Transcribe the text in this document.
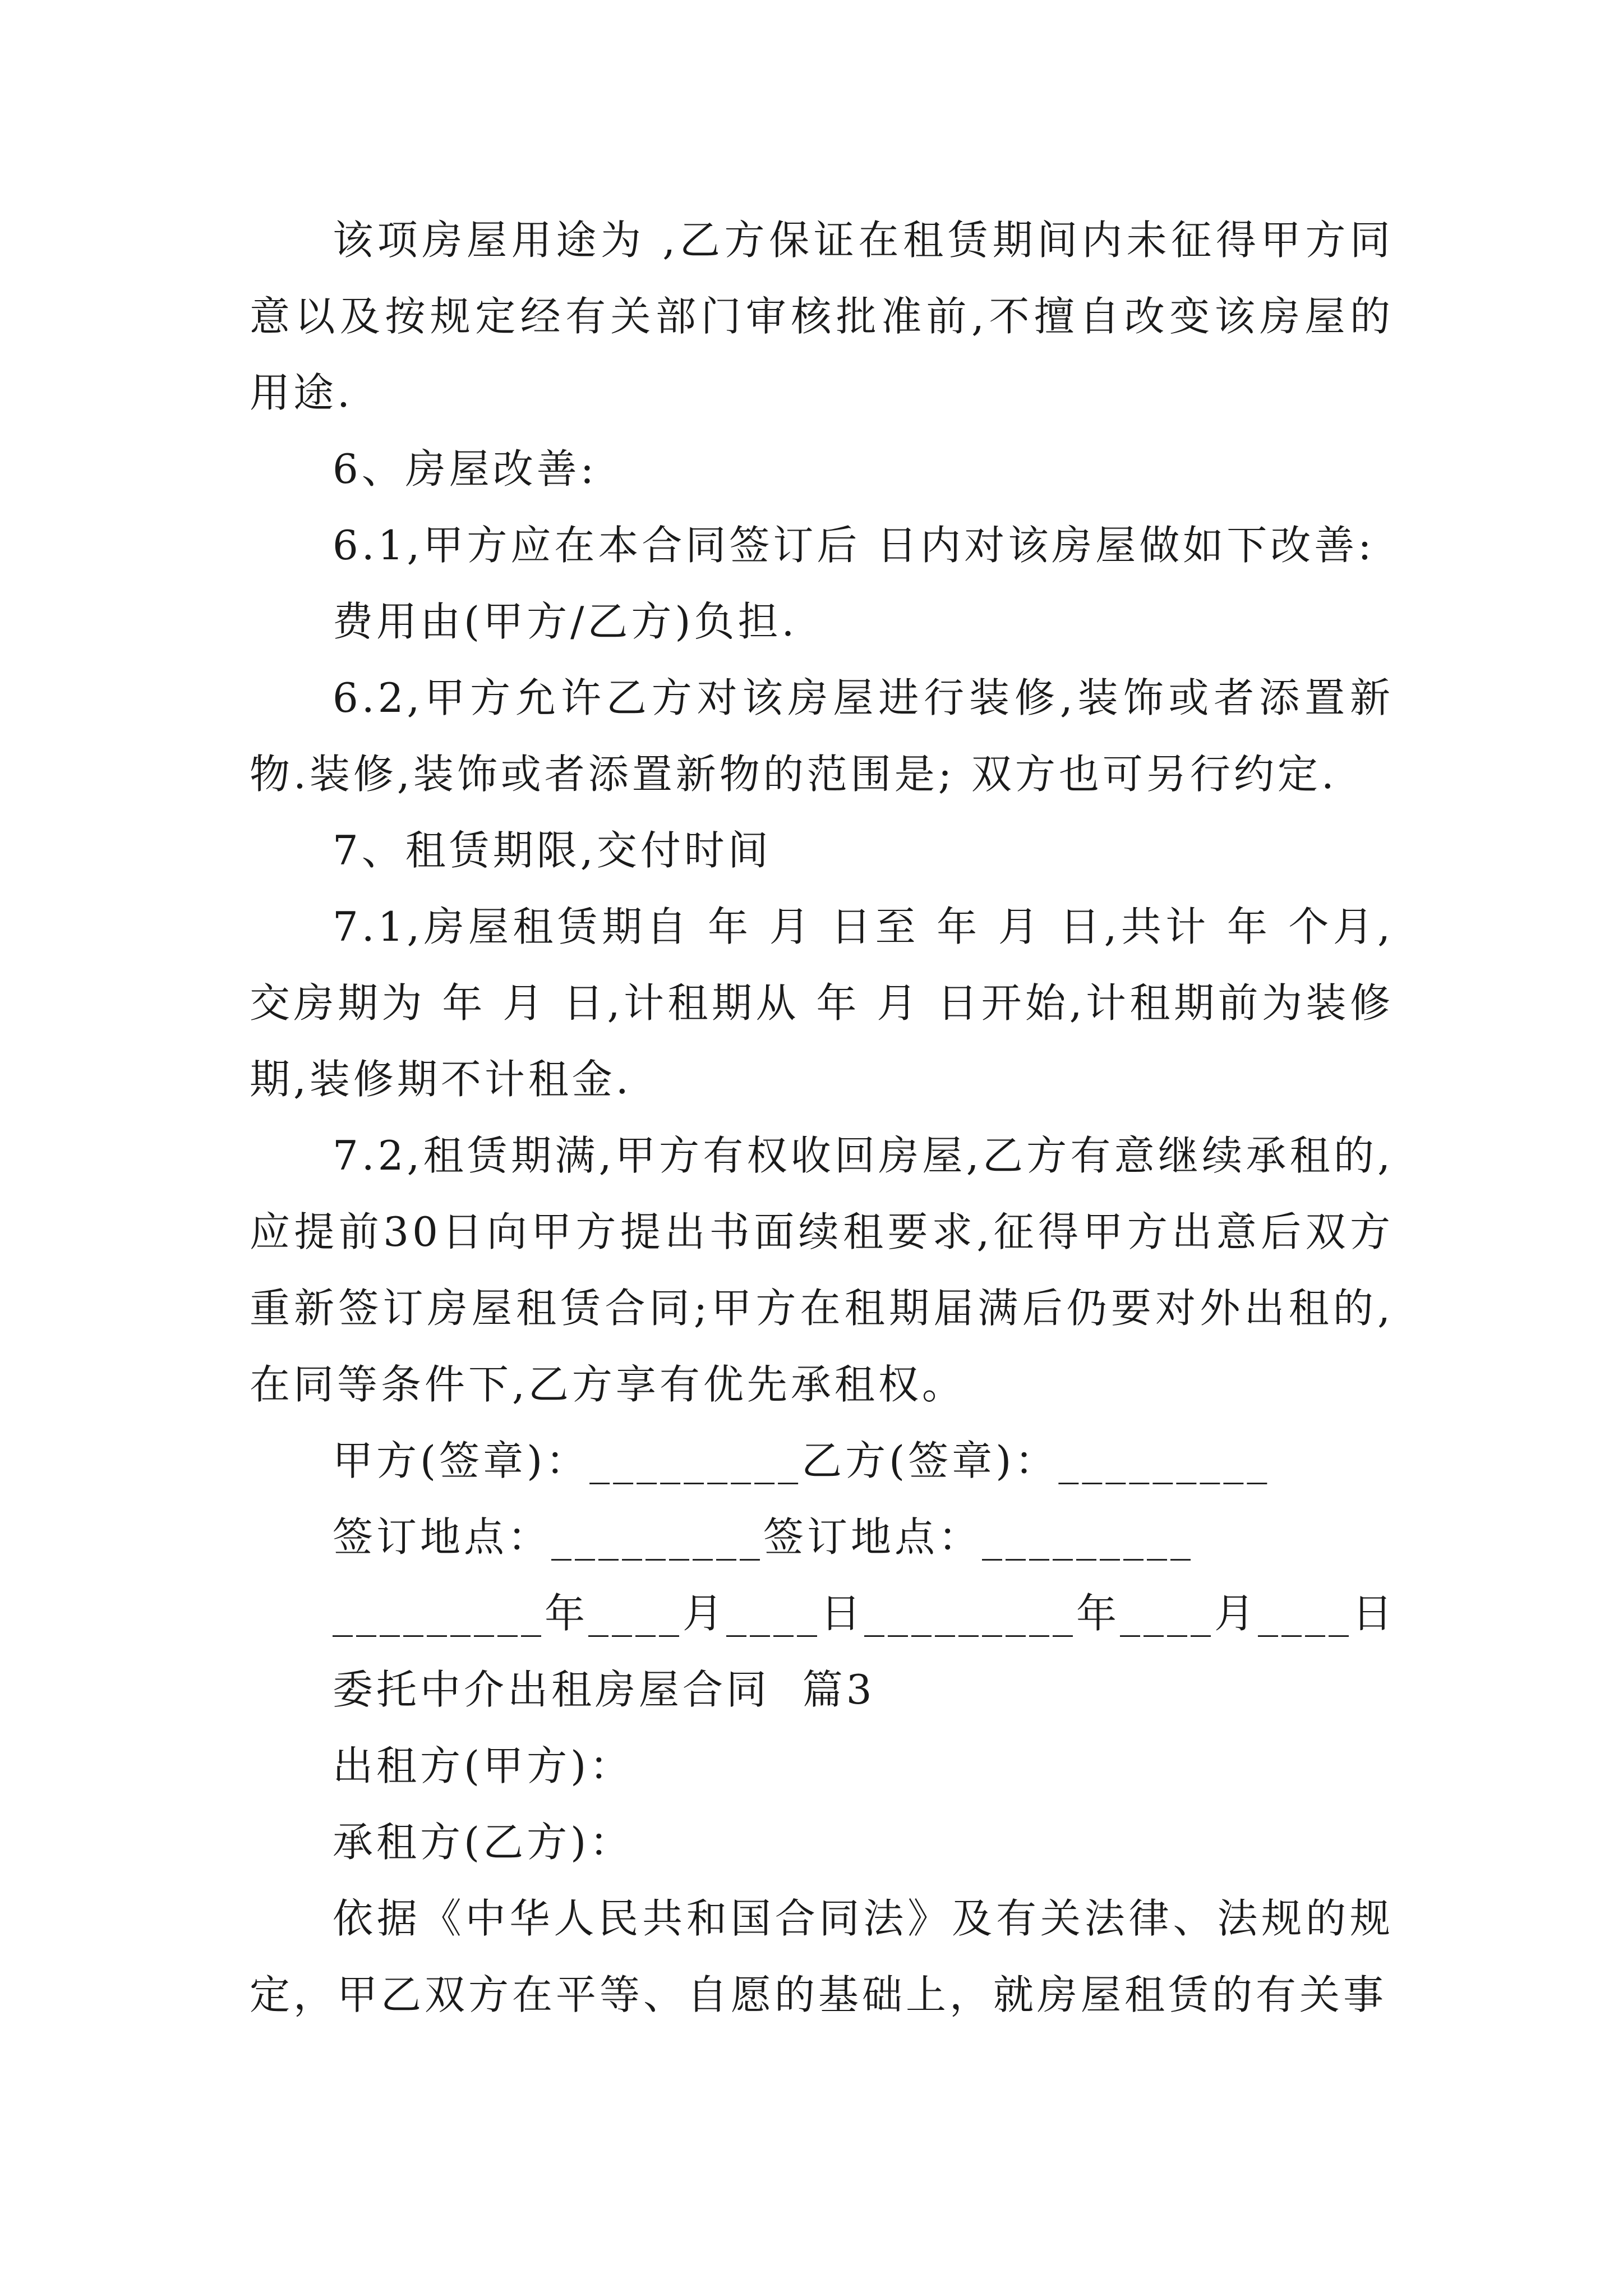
该项房屋用途为 ,乙方保证在租赁期间内未征得甲方同意以及按规定经有关部门审核批准前,不擅自改变该房屋的用途.

6、房屋改善:

6.1,甲方应在本合同签订后 日内对该房屋做如下改善:

费用由(甲方/乙方)负担.

6.2,甲方允许乙方对该房屋进行装修,装饰或者添置新物.装修,装饰或者添置新物的范围是; 双方也可另行约定.

7、租赁期限,交付时间

7.1,房屋租赁期自 年 月 日至 年 月 日,共计 年 个月,交房期为 年 月 日,计租期从 年 月 日开始,计租期前为装修期,装修期不计租金.

7.2,租赁期满,甲方有权收回房屋,乙方有意继续承租的,应提前30日向甲方提出书面续租要求,征得甲方出意后双方重新签订房屋租赁合同;甲方在租期届满后仍要对外出租的,在同等条件下,乙方享有优先承租权。

甲方(签章)：_________乙方(签章)：_________

签订地点：_________签订地点：_________

_________年____月____日_________年____月____日

委托中介出租房屋合同  篇3

出租方(甲方)：

承租方(乙方)：

依据《中华人民共和国合同法》及有关法律、法规的规定，甲乙双方在平等、自愿的基础上，就房屋租赁的有关事
